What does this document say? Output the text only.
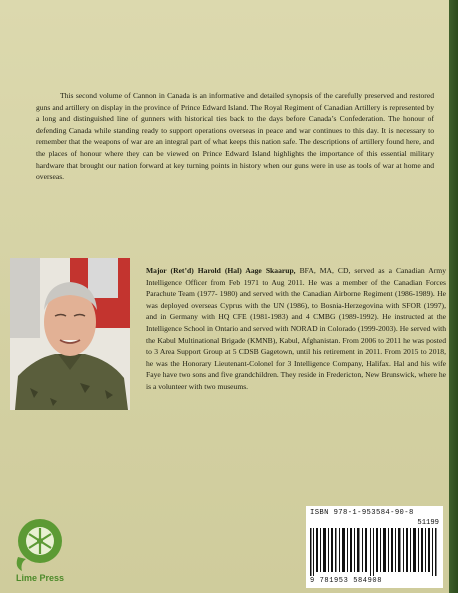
This second volume of Cannon in Canada is an informative and detailed synopsis of the carefully preserved and restored guns and artillery on display in the province of Prince Edward Island. The Royal Regiment of Canadian Artillery is represented by a long and distinguished line of gunners with historical ties back to the days before Canada’s Confederation. The honour of defending Canada while standing ready to support operations overseas in peace and war continues to this day. It is necessary to remember that the weapons of war are an integral part of what keeps this nation safe. The descriptions of artillery found here, and the places of honour where they can be viewed on Prince Edward Island highlights the importance of this essential military hardware that brought our nation forward at key turning points in history when our guns were in use as tools of war at home and overseas.

Major (Ret’d) Harold (Hal) Aage Skaarup, BFA, MA, CD, served as a Canadian Army Intelligence Officer from Feb 1971 to Aug 2011. He was a member of the Canadian Forces Parachute Team (1977- 1980) and served with the Canadian Airborne Regiment (1986-1989). He was deployed overseas Cyprus with the UN (1986), to Bosnia-Herzegovina with SFOR (1997), and in Germany with HQ CFE (1981-1983) and 4 CMBG (1989-1992). He instructed at the Intelligence School in Ontario and served with NORAD in Colorado (1999-2003). He served with the Kabul Multinational Brigade (KMNB), Kabul, Afghanistan. From 2006 to 2011 he was posted to 3 Area Support Group at 5 CDSB Gagetown, until his retirement in 2011. From 2015 to 2018, he was the Honorary Lieutenant-Colonel for 3 Intelligence Company, Halifax. Hal and his wife Faye have two sons and five grandchildren. They reside in Fredericton, New Brunswick, where he is a volunteer with two museums.

Lime Press
ISBN 978-1-953584-90-8
51199
9 781953 584908
